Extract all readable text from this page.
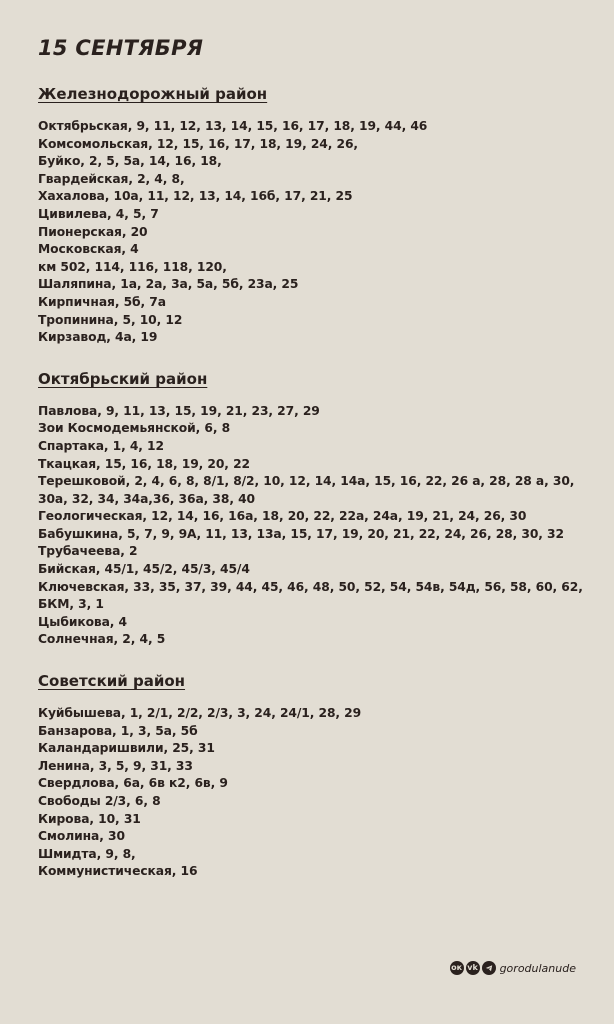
15 СЕНТЯБРЯ
Железнодорожный район
Октябрьская, 9, 11, 12, 13, 14, 15, 16, 17, 18, 19, 44, 46
Комсомольская, 12, 15, 16, 17, 18, 19, 24, 26,
Буйко, 2, 5, 5а, 14, 16, 18,
Гвардейская, 2, 4, 8,
Хахалова, 10а, 11, 12, 13, 14, 16б, 17, 21, 25
Цивилева, 4, 5, 7
Пионерская, 20
Московская, 4
км 502, 114, 116, 118, 120,
Шаляпина, 1а, 2а, 3а, 5а, 5б, 23а, 25
Кирпичная, 5б, 7а
Тропинина, 5, 10, 12
Кирзавод, 4а, 19
Октябрьский район
Павлова, 9, 11, 13, 15, 19, 21, 23, 27, 29
Зои Космодемьянской, 6, 8
Спартака, 1, 4, 12
Ткацкая, 15, 16, 18, 19, 20, 22
Терешковой, 2, 4, 6, 8, 8/1, 8/2, 10, 12, 14, 14а, 15, 16, 22, 26 а, 28, 28 а, 30, 30а, 32, 34, 34а,36, 36а, 38, 40
Геологическая, 12, 14, 16, 16а, 18, 20, 22, 22а, 24а, 19, 21, 24, 26, 30
Бабушкина, 5, 7, 9, 9А, 11, 13, 13а, 15, 17, 19, 20, 21, 22, 24, 26, 28, 30, 32
Трубачеева, 2
Бийская, 45/1, 45/2, 45/3, 45/4
Ключевская, 33, 35, 37, 39, 44, 45, 46, 48, 50, 52, 54, 54в, 54д, 56, 58, 60, 62,
БКМ, 3, 1
Цыбикова, 4
Солнечная, 2, 4, 5
Советский район
Куйбышева, 1, 2/1, 2/2, 2/3, 3, 24, 24/1, 28, 29
Банзарова, 1, 3, 5а, 5б
Каландаришвили, 25, 31
Ленина, 3, 5, 9, 31, 33
Свердлова, 6а, 6в к2, 6в, 9
Свободы 2/3, 6, 8
Кирова, 10, 31
Смолина, 30
Шмидта, 9, 8,
Коммунистическая, 16
ок vk gorodulanude
